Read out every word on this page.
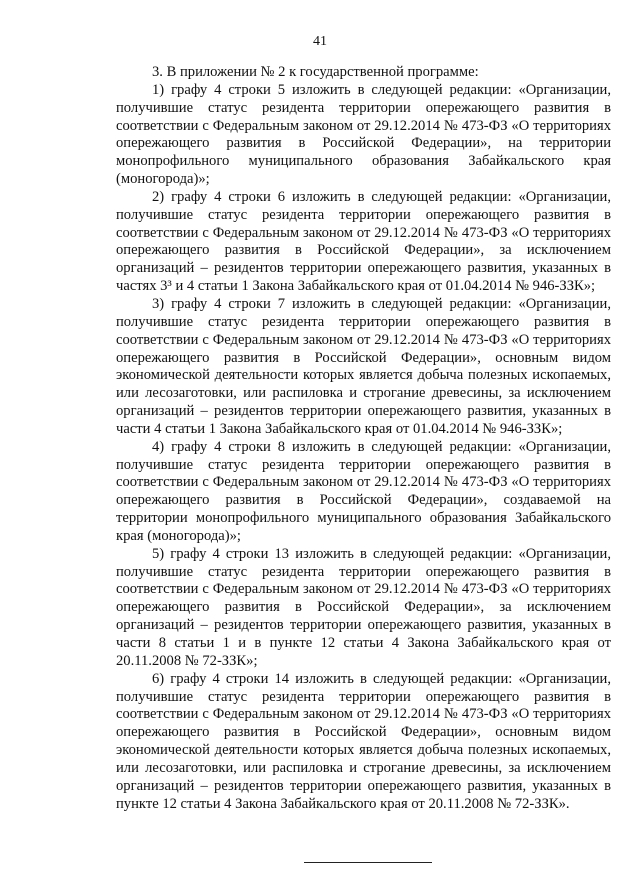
41

3. В приложении № 2 к государственной программе:

1) графу 4 строки 5 изложить в следующей редакции: «Организации, получившие статус резидента территории опережающего развития в соответствии с Федеральным законом от 29.12.2014 № 473-ФЗ «О территориях опережающего развития в Российской Федерации», на территории монопрофильного муниципального образования Забайкальского края (моногорода)»;

2) графу 4 строки 6 изложить в следующей редакции: «Организации, получившие статус резидента территории опережающего развития в соответствии с Федеральным законом от 29.12.2014 № 473-ФЗ «О территориях опережающего развития в Российской Федерации», за исключением организаций – резидентов территории опережающего развития, указанных в частях 3³ и 4 статьи 1 Закона Забайкальского края от 01.04.2014 № 946-ЗЗК»;

3) графу 4 строки 7 изложить в следующей редакции: «Организации, получившие статус резидента территории опережающего развития в соответствии с Федеральным законом от 29.12.2014 № 473-ФЗ «О территориях опережающего развития в Российской Федерации», основным видом экономической деятельности которых является добыча полезных ископаемых, или лесозаготовки, или распиловка и строгание древесины, за исключением организаций – резидентов территории опережающего развития, указанных в части 4 статьи 1 Закона Забайкальского края от 01.04.2014 № 946-ЗЗК»;

4) графу 4 строки 8 изложить в следующей редакции: «Организации, получившие статус резидента территории опережающего развития в соответствии с Федеральным законом от 29.12.2014 № 473-ФЗ «О территориях опережающего развития в Российской Федерации», создаваемой на территории монопрофильного муниципального образования Забайкальского края (моногорода)»;

5) графу 4 строки 13 изложить в следующей редакции: «Организации, получившие статус резидента территории опережающего развития в соответствии с Федеральным законом от 29.12.2014 № 473-ФЗ «О территориях опережающего развития в Российской Федерации», за исключением организаций – резидентов территории опережающего развития, указанных в части 8 статьи 1 и в пункте 12 статьи 4 Закона Забайкальского края от 20.11.2008 № 72-ЗЗК»;

6) графу 4 строки 14 изложить в следующей редакции: «Организации, получившие статус резидента территории опережающего развития в соответствии с Федеральным законом от 29.12.2014 № 473-ФЗ «О территориях опережающего развития в Российской Федерации», основным видом экономической деятельности которых является добыча полезных ископаемых, или лесозаготовки, или распиловка и строгание древесины, за исключением организаций – резидентов территории опережающего развития, указанных в пункте 12 статьи 4 Закона Забайкальского края от 20.11.2008 № 72-ЗЗК».
